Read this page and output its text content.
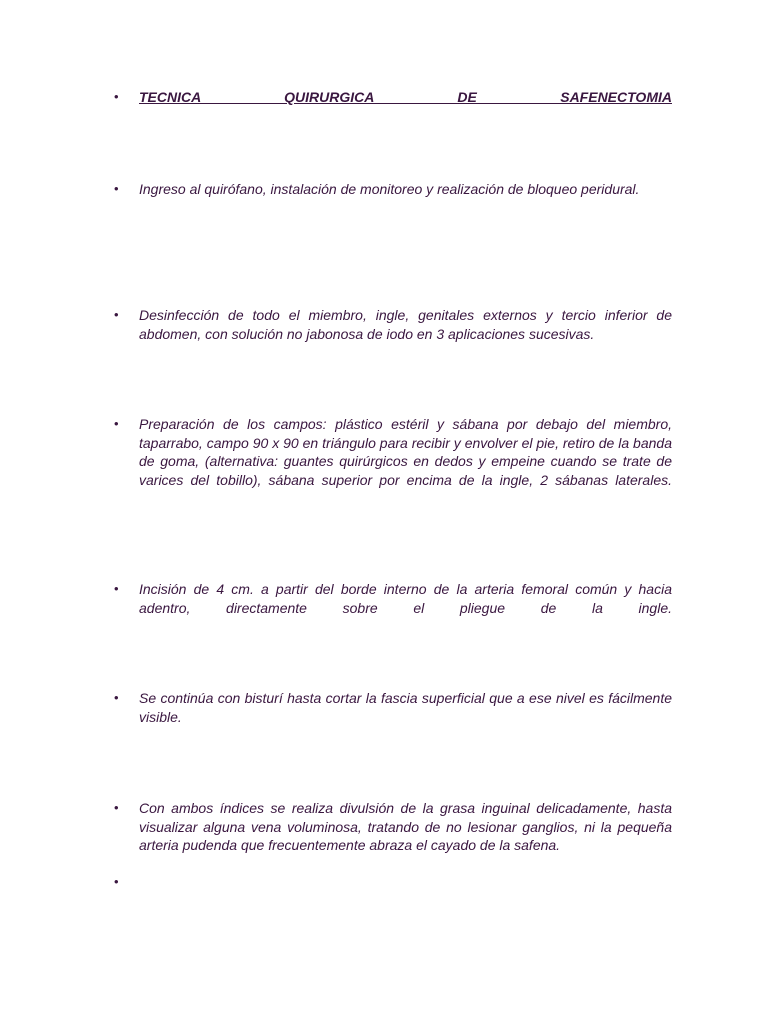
•	TECNICA QUIRURGICA DE SAFENECTOMIA
•	Ingreso al quirófano, instalación de monitoreo y realización de bloqueo peridural.
•	Desinfección de todo el miembro, ingle, genitales externos y tercio inferior de abdomen, con solución no jabonosa de iodo en 3 aplicaciones sucesivas.
•	Preparación de los campos: plástico estéril y sábana por debajo del miembro, taparrabo, campo 90 x 90 en triángulo para recibir y envolver el pie, retiro de la banda de goma, (alternativa: guantes quirúrgicos en dedos y empeine cuando se trate de varices del tobillo), sábana superior por encima de la ingle, 2 sábanas laterales.
•	Incisión de 4 cm. a partir del borde interno de la arteria femoral común y hacia adentro, directamente sobre el pliegue de la ingle.
•	Se continúa con bisturí hasta cortar la fascia superficial que a ese nivel es fácilmente visible.
•	Con ambos índices se realiza divulsión de la grasa inguinal delicadamente, hasta visualizar alguna vena voluminosa, tratando de no lesionar ganglios, ni la pequeña arteria pudenda que frecuentemente abraza el cayado de la safena.
•
